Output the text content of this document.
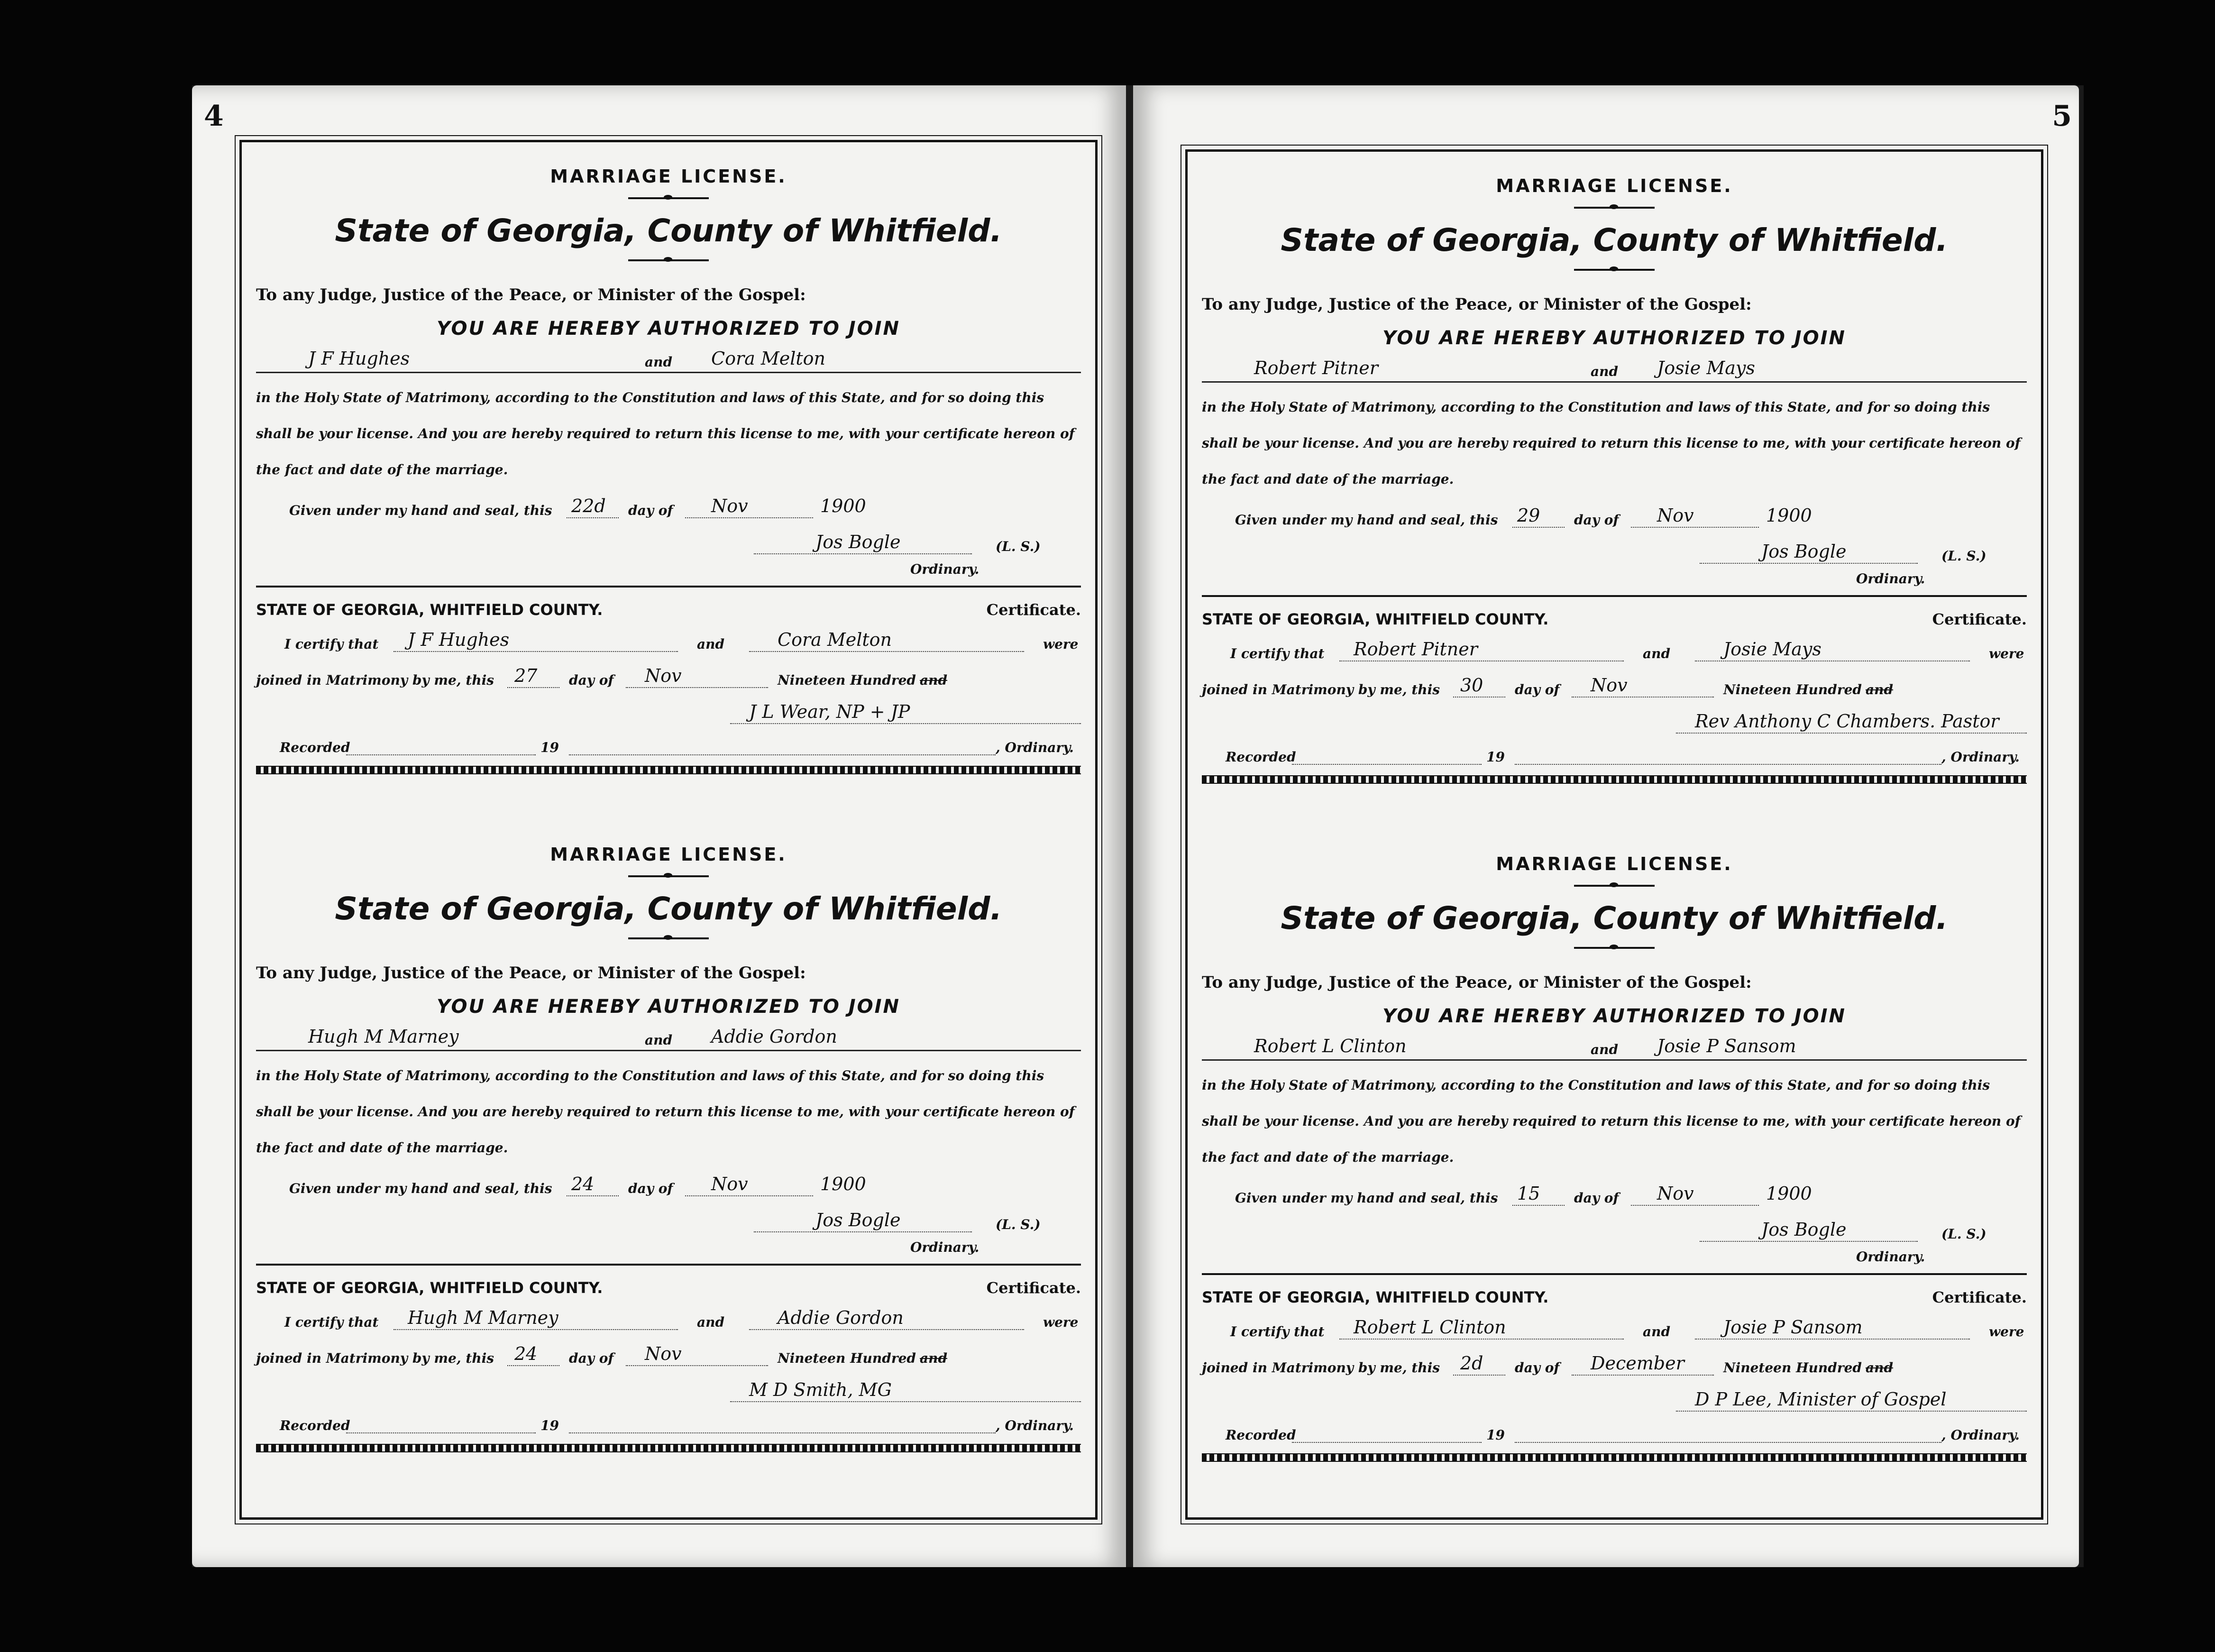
4
MARRIAGE LICENSE.
State of Georgia, County of Whitfield.
To any Judge, Justice of the Peace, or Minister of the Gospel:
YOU ARE HEREBY AUTHORIZED TO JOIN
J F Hughes	and Cora Melton
in the Holy State of Matrimony, according to the Constitution and laws of this State, and for so doing this shall be your license. And you are hereby required to return this license to me, with your certificate hereon of the fact and date of the marriage.
Given under my hand and seal, this 22d day of Nov	1900
Jos Bogle	(L. S.)
Ordinary.
STATE OF GEORGIA, WHITFIELD COUNTY.	Certificate.
I certify that J F Hughes	and	Cora Melton	were
joined in Matrimony by me, this 27 day of Nov	Nineteen Hundred and
J L Wear, NP + JP
Recorded	19	, Ordinary.
MARRIAGE LICENSE.
State of Georgia, County of Whitfield.
To any Judge, Justice of the Peace, or Minister of the Gospel:
YOU ARE HEREBY AUTHORIZED TO JOIN
Hugh M Marney	and Addie Gordon
in the Holy State of Matrimony, according to the Constitution and laws of this State, and for so doing this shall be your license. And you are hereby required to return this license to me, with your certificate hereon of the fact and date of the marriage.
Given under my hand and seal, this 24	day of Nov	1900
Jos Bogle	(L. S.)
Ordinary.
STATE OF GEORGIA, WHITFIELD COUNTY.	Certificate.
I certify that Hugh M Marney	and	Addie Gordon	were
joined in Matrimony by me, this 24 day of Nov	Nineteen Hundred and
M D Smith, MG
Recorded	19	, Ordinary.
5
MARRIAGE LICENSE.
State of Georgia, County of Whitfield.
To any Judge, Justice of the Peace, or Minister of the Gospel:
YOU ARE HEREBY AUTHORIZED TO JOIN
Robert Pitner	and Josie Mays
in the Holy State of Matrimony, according to the Constitution and laws of this State, and for so doing this shall be your license. And you are hereby required to return this license to me, with your certificate hereon of the fact and date of the marriage.
Given under my hand and seal, this 29	day of Nov	1900
Jos Bogle	(L. S.)
Ordinary.
STATE OF GEORGIA, WHITFIELD COUNTY.	Certificate.
I certify that Robert Pitner	and	Josie Mays	were
joined in Matrimony by me, this 30 day of Nov	Nineteen Hundred and
Rev Anthony C Chambers. Pastor
Recorded	19	, Ordinary.
MARRIAGE LICENSE.
State of Georgia, County of Whitfield.
To any Judge, Justice of the Peace, or Minister of the Gospel:
YOU ARE HEREBY AUTHORIZED TO JOIN
Robert L Clinton	and Josie P Sansom
in the Holy State of Matrimony, according to the Constitution and laws of this State, and for so doing this shall be your license. And you are hereby required to return this license to me, with your certificate hereon of the fact and date of the marriage.
Given under my hand and seal, this 15	day of Nov	1900
Jos Bogle	(L. S.)
Ordinary.
STATE OF GEORGIA, WHITFIELD COUNTY.	Certificate.
I certify that Robert L Clinton	and	Josie P Sansom	were
joined in Matrimony by me, this 2d day of December	Nineteen Hundred and
D P Lee, Minister of Gospel
Recorded	19	, Ordinary.
